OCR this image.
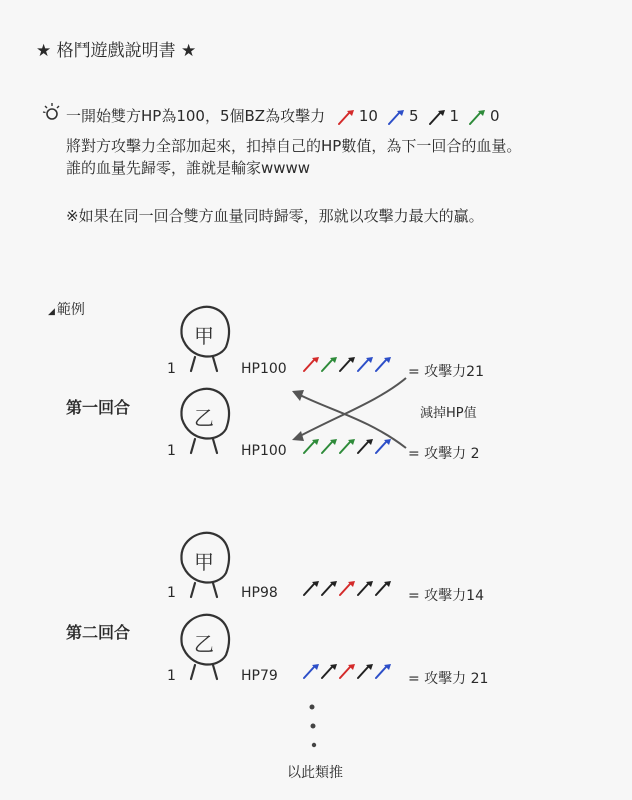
★ 格鬥遊戲說明書 ★
一開始雙方HP為100，5個BZ為攻擊力 10 5 1 0
將對方攻擊力全部加起來，扣掉自己的HP數值，為下一回合的血量。
誰的血量先歸零，誰就是輸家wwww
※如果在同一回合雙方血量同時歸零，那就以攻擊力最大的贏。
◢ 範例
第一回合
第二回合
1	HP100	= 攻擊力21
1	HP100	= 攻擊力 2
減掉HP值
1	HP98	= 攻擊力14
1	HP79	= 攻擊力 21
以此類推
甲
乙
甲
乙
